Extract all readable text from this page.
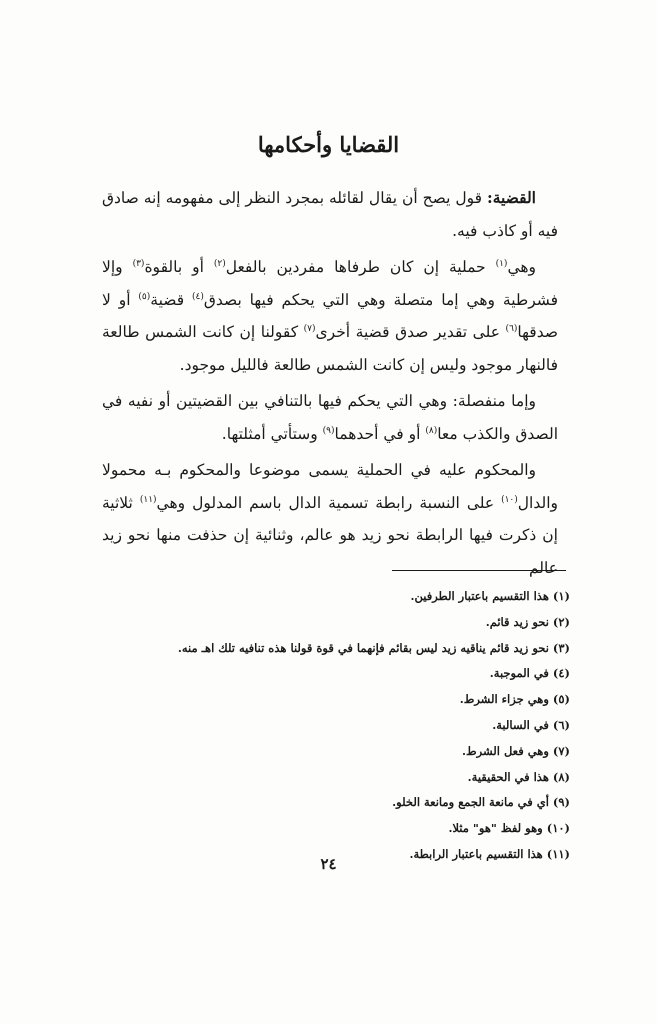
القضايا وأحكامها

القضية: قول يصح أن يقال لقائله بمجرد النظر إلى مفهومه إنه صادق فيه أو كاذب فيه.

وهي$^{(١)}$ حملية إن كان طرفاها مفردين بالفعل$^{(٢)}$ أو بالقوة$^{(٣)}$ وإلا فشرطية وهي إما متصلة وهي التي يحكم فيها بصدق$^{(٤)}$ قضية$^{(٥)}$ أو لا صدقها$^{(٦)}$ على تقدير صدق قضية أخرى$^{(٧)}$ كقولنا إن كانت الشمس طالعة فالنهار موجود وليس إن كانت الشمس طالعة فالليل موجود.

وإما منفصلة: وهي التي يحكم فيها بالتنافي بين القضيتين أو نفيه في الصدق والكذب معا$^{(٨)}$ أو في أحدهما$^{(٩)}$ وستأتي أمثلتها.

والمحكوم عليه في الحملية يسمى موضوعا والمحكوم بـه محمولا والدال$^{(١٠)}$ على النسبة رابطة تسمية الدال باسم المدلول وهي$^{(١١)}$ ثلاثية إن ذكرت فيها الرابطة نحو زيد هو عالم، وثنائية إن حذفت منها نحو زيد عالم

(١) هذا التقسيم باعتبار الطرفين.
(٢) نحو زيد قائم.
(٣) نحو زيد قائم يناقيه زيد ليس بقائم فإنهما في قوة قولنا هذه تنافيه تلك اهـ منه.
(٤) في الموجبة.
(٥) وهي جزاء الشرط.
(٦) في السالبة.
(٧) وهي فعل الشرط.
(٨) هذا في الحقيقية.
(٩) أي في مانعة الجمع ومانعة الخلو.
(١٠) وهو لفظ "هو" مثلا.
(١١) هذا التقسيم باعتبار الرابطة.
٢٤
